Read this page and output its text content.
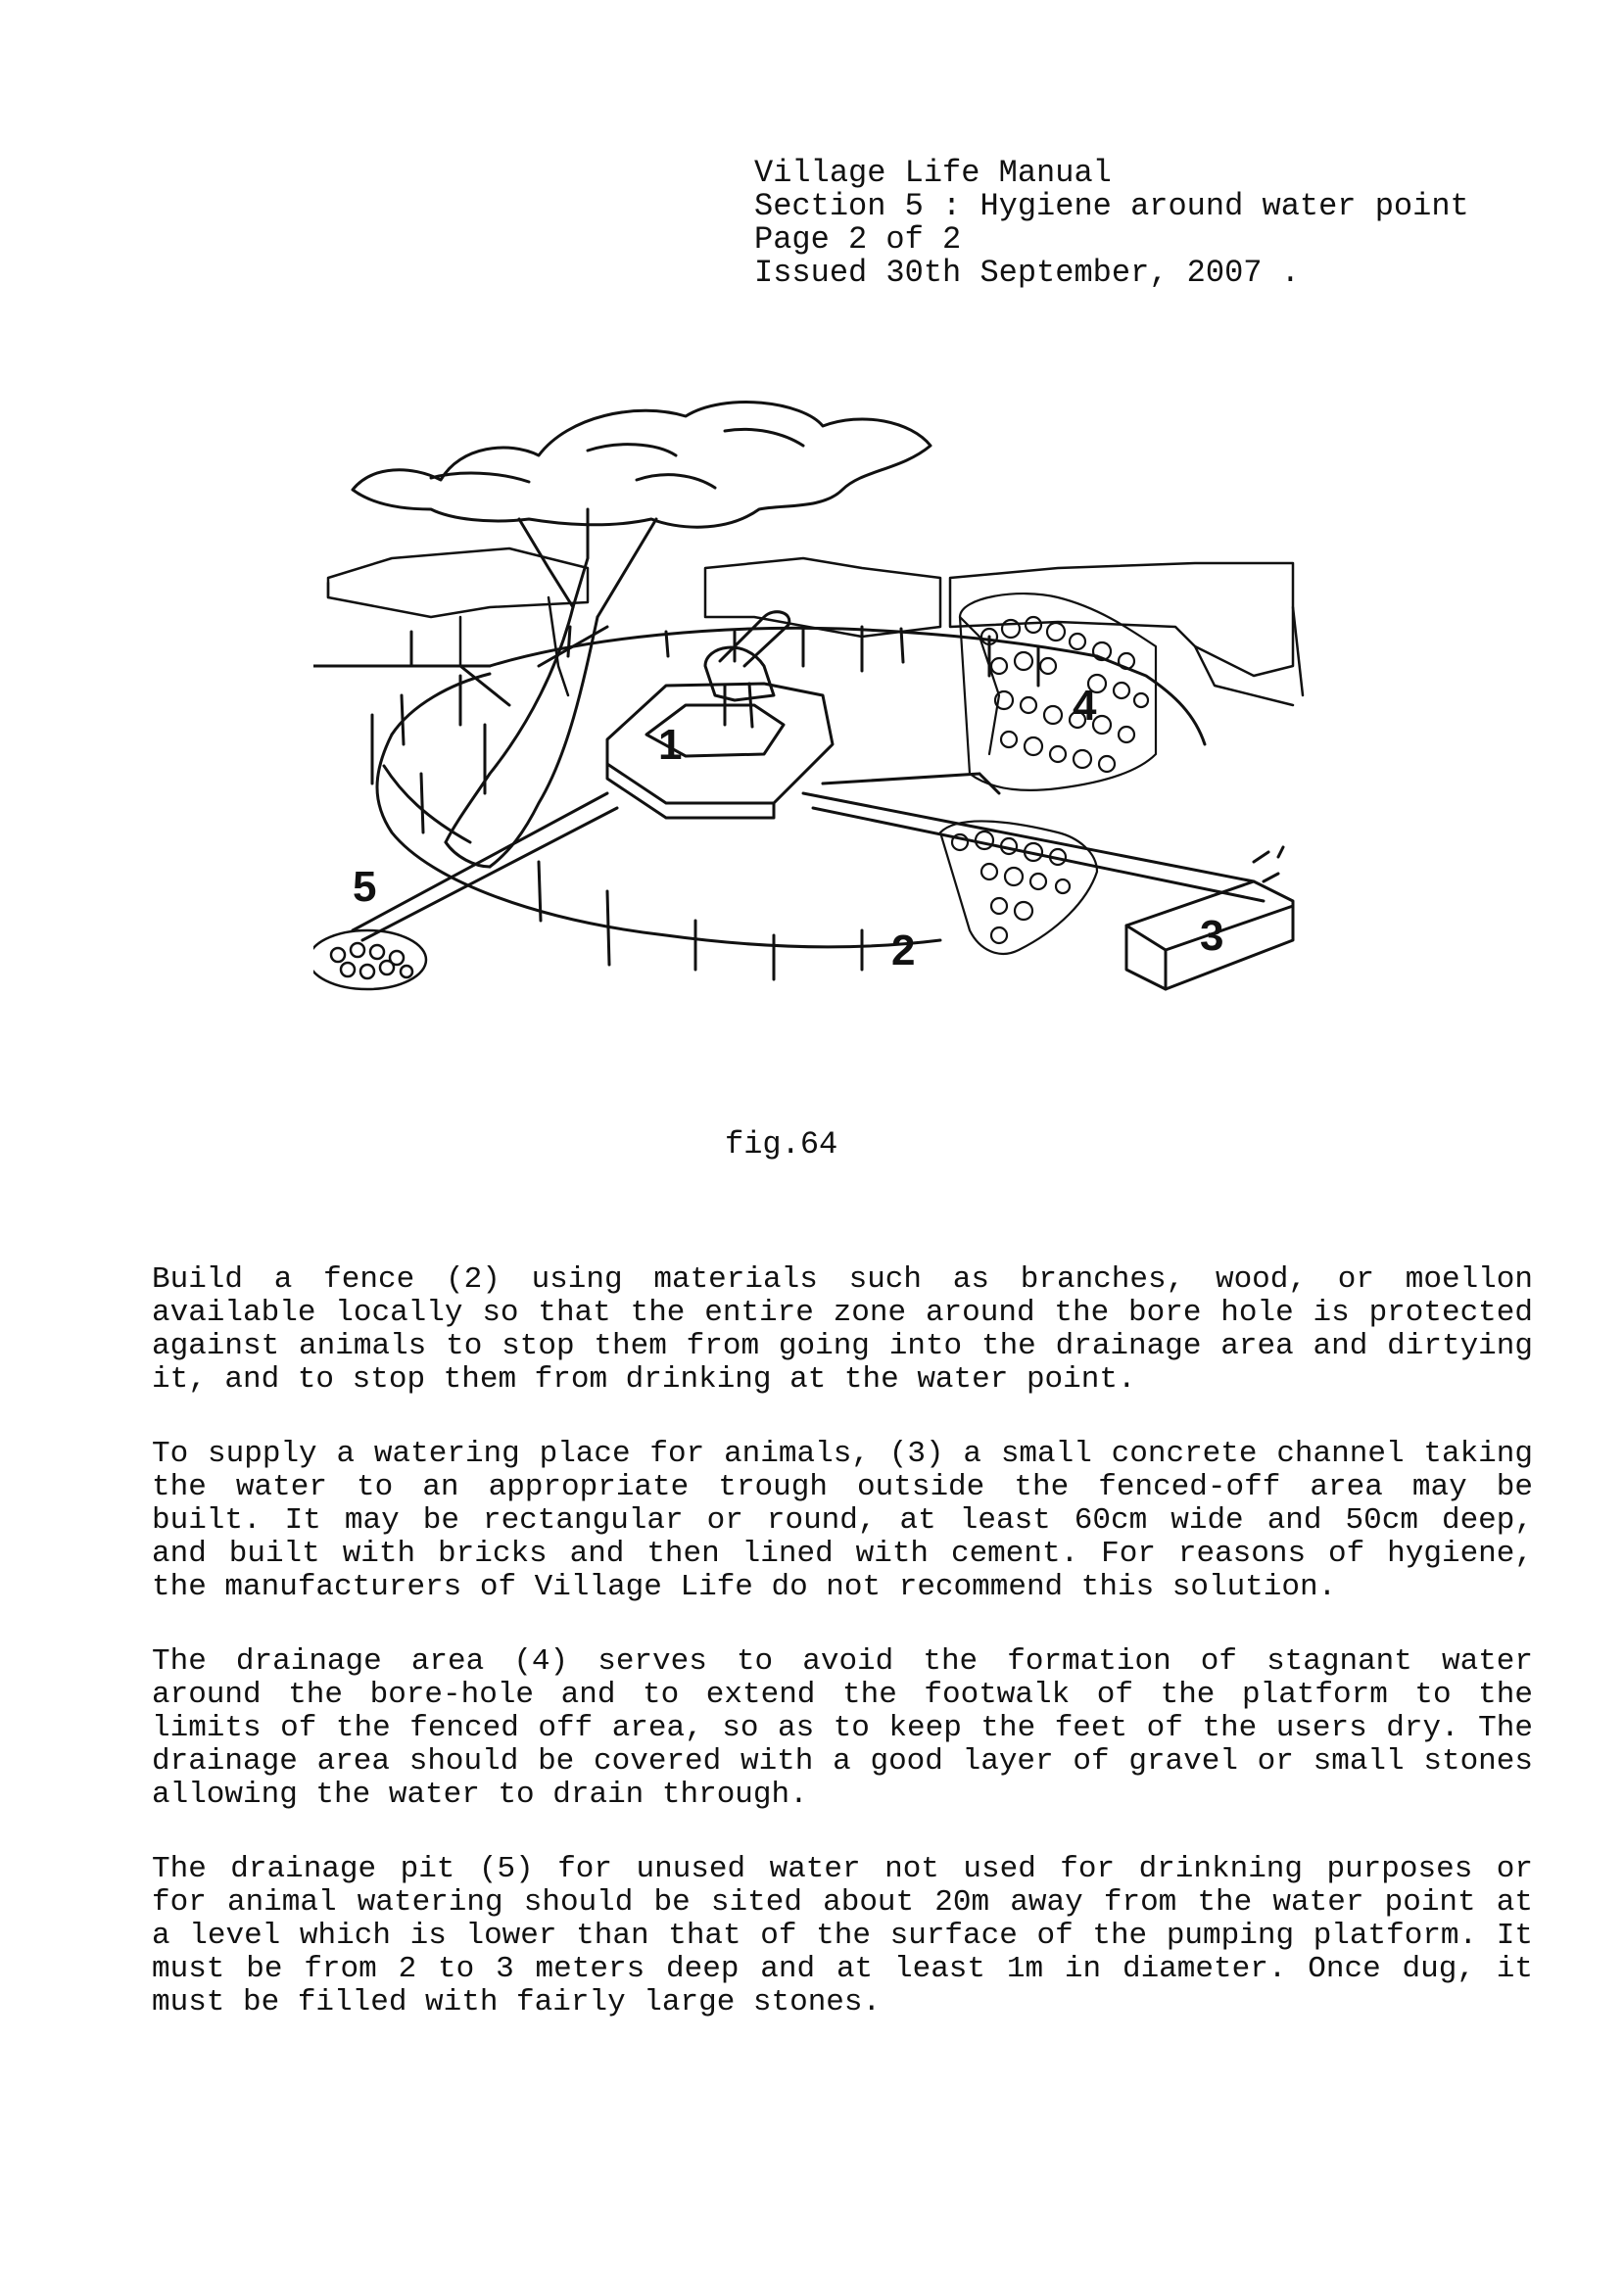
Village Life Manual
Section 5 : Hygiene around water point
Page 2 of 2
Issued 30th September, 2007 .
1
2	3
4
5
fig.64

Build a fence (2) using materials such as branches, wood, or moellon available locally so that the entire zone around the bore hole is protected against animals to stop them from going into the drainage area and dirtying it, and to stop them from drinking at the water point.

To supply a watering place for animals, (3) a small concrete channel taking the water to an appropriate trough outside the fenced-off area may be built. It may be rectangular or round, at least 60cm wide and 50cm deep, and built with bricks and then lined with cement. For reasons of hygiene, the manufacturers of Village Life do not recommend this solution.

The drainage area (4) serves to avoid the formation of stagnant water around the bore-hole and to extend the footwalk of the platform to the limits of the fenced off area, so as to keep the feet of the users dry. The drainage area should be covered with a good layer of gravel or small stones allowing the water to drain through.

The drainage pit (5) for unused water not used for drinkning purposes or for animal watering should be sited about 20m away from the water point at a level which is lower than that of the surface of the pumping platform. It must be from 2 to 3 meters deep and at least 1m in diameter. Once dug, it must be filled with fairly large stones.
